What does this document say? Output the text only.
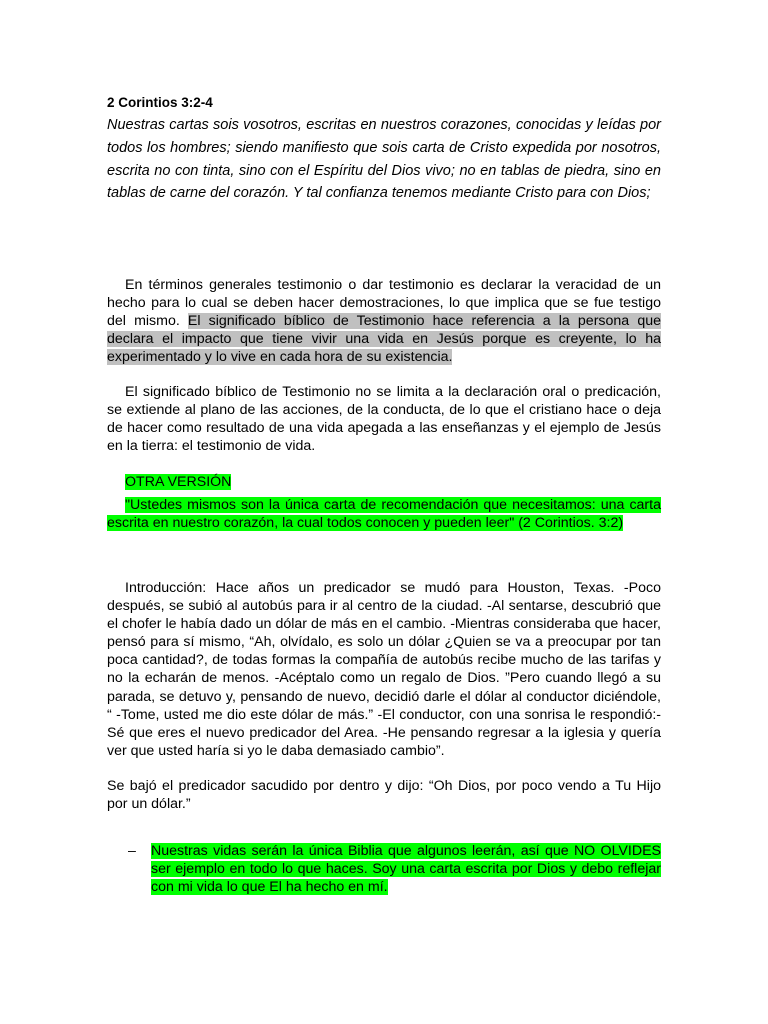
2 Corintios 3:2-4

Nuestras cartas sois vosotros, escritas en nuestros corazones, conocidas y leídas por todos los hombres; siendo manifiesto que sois carta de Cristo expedida por nosotros, escrita no con tinta, sino con el Espíritu del Dios vivo; no en tablas de piedra, sino en tablas de carne del corazón. Y tal confianza tenemos mediante Cristo para con Dios;

En términos generales testimonio o dar testimonio es declarar la veracidad de un hecho para lo cual se deben hacer demostraciones, lo que implica que se fue testigo del mismo. El significado bíblico de Testimonio hace referencia a la persona que declara el impacto que tiene vivir una vida en Jesús porque es creyente, lo ha experimentado y lo vive en cada hora de su existencia.

El significado bíblico de Testimonio no se limita a la declaración oral o predicación, se extiende al plano de las acciones, de la conducta, de lo que el cristiano hace o deja de hacer como resultado de una vida apegada a las enseñanzas y el ejemplo de Jesús en la tierra: el testimonio de vida.

OTRA VERSIÓN

"Ustedes mismos son la única carta de recomendación que necesitamos: una carta escrita en nuestro corazón, la cual todos conocen y pueden leer" (2 Corintios. 3:2)

Introducción: Hace años un predicador se mudó para Houston, Texas. -Poco después, se subió al autobús para ir al centro de la ciudad. -Al sentarse, descubrió que el chofer le había dado un dólar de más en el cambio. -Mientras consideraba que hacer, pensó para sí mismo, “Ah, olvídalo, es solo un dólar ¿Quien se va a preocupar por tan poca cantidad?, de todas formas la compañía de autobús recibe mucho de las tarifas y no la echarán de menos. -Acéptalo como un regalo de Dios. ”Pero cuando llegó a su parada, se detuvo y, pensando de nuevo, decidió darle el dólar al conductor diciéndole, “ -Tome, usted me dio este dólar de más.” -El conductor, con una sonrisa le respondió:- Sé que eres el nuevo predicador del Area. -He pensando regresar a la iglesia y quería ver que usted haría si yo le daba demasiado cambio”.

Se bajó el predicador sacudido por dentro y dijo: “Oh Dios, por poco vendo a Tu Hijo por un dólar.”

– Nuestras vidas serán la única Biblia que algunos leerán, así que NO OLVIDES ser ejemplo en todo lo que haces. Soy una carta escrita por Dios y debo reflejar con mi vida lo que El ha hecho en mí.
